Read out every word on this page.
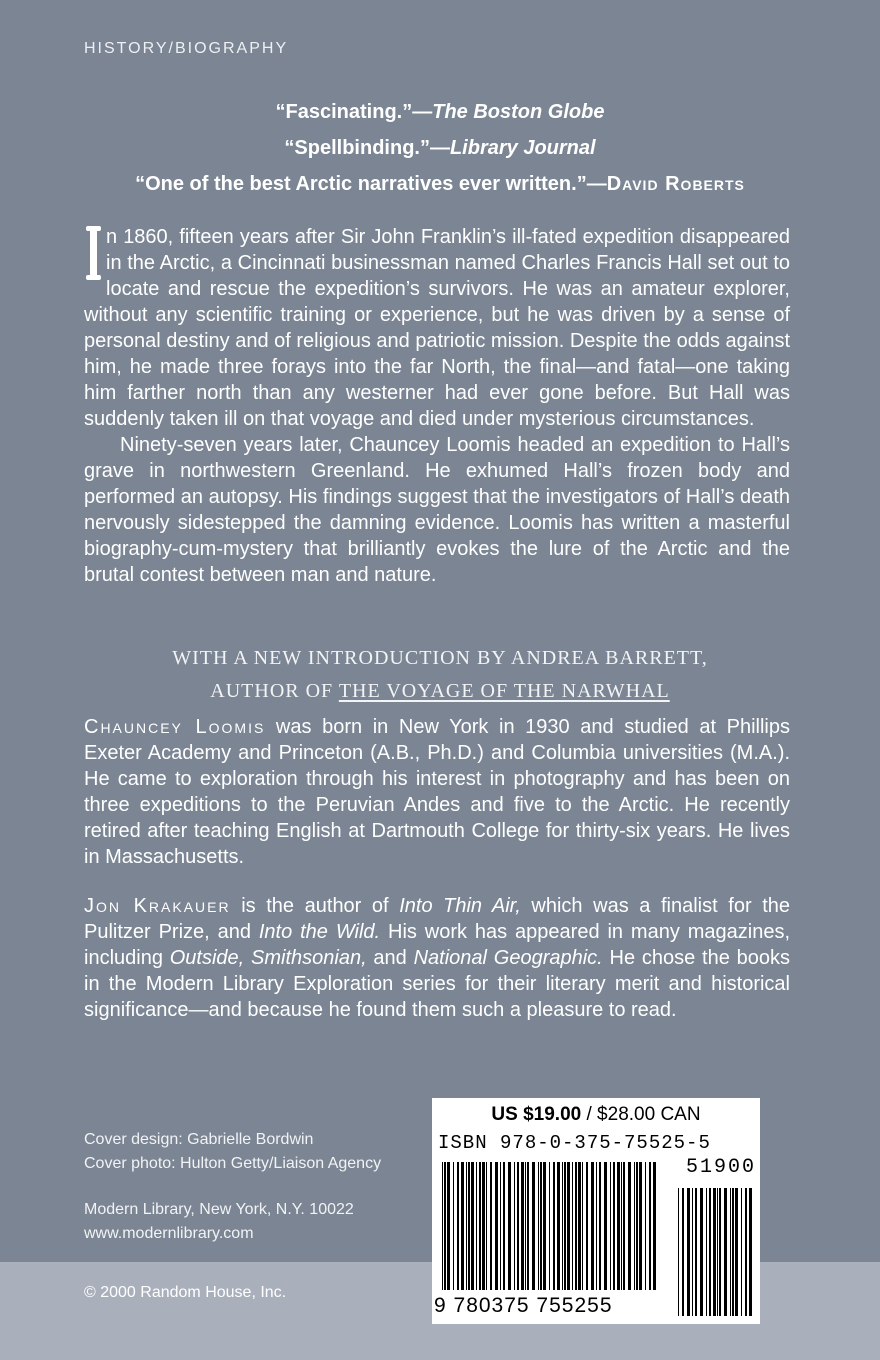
HISTORY/BIOGRAPHY
“Fascinating.”—The Boston Globe
“Spellbinding.”—Library Journal
“One of the best Arctic narratives ever written.”—David Roberts

n 1860, fifteen years after Sir John Franklin’s ill-fated expedition disappeared in the Arctic, a Cincinnati businessman named Charles Francis Hall set out to locate and rescue the expedition’s survivors. He was an amateur explorer, without any scientific training or experience, but he was driven by a sense of personal destiny and of religious and patriotic mission. Despite the odds against him, he made three forays into the far North, the final—and fatal—one taking him farther north than any westerner had ever gone before. But Hall was suddenly taken ill on that voyage and died under mysterious circumstances.

Ninety-seven years later, Chauncey Loomis headed an expedition to Hall’s grave in northwestern Greenland. He exhumed Hall’s frozen body and performed an autopsy. His findings suggest that the investigators of Hall’s death nervously sidestepped the damning evidence. Loomis has written a masterful biography-cum-mystery that brilliantly evokes the lure of the Arctic and the brutal contest between man and nature.

WITH A NEW INTRODUCTION BY ANDREA BARRETT,
AUTHOR OF THE VOYAGE OF THE NARWHAL
Chauncey Loomis was born in New York in 1930 and studied at Phillips Exeter Academy and Princeton (A.B., Ph.D.) and Columbia universities (M.A.). He came to exploration through his interest in photography and has been on three expeditions to the Peruvian Andes and five to the Arctic. He recently retired after teaching English at Dartmouth College for thirty-six years. He lives in Massachusetts.
Jon Krakauer is the author of Into Thin Air, which was a finalist for the Pulitzer Prize, and Into the Wild. His work has appeared in many magazines, including Outside, Smithsonian, and National Geographic. He chose the books in the Modern Library Exploration series for their literary merit and historical significance—and because he found them such a pleasure to read.
Cover design: Gabrielle Bordwin
Cover photo: Hulton Getty/Liaison Agency
Modern Library, New York, N.Y. 10022
www.modernlibrary.com
© 2000 Random House, Inc.
US $19.00 / $28.00 CAN
ISBN 978-0-375-75525-5
51900
9 780375 755255
